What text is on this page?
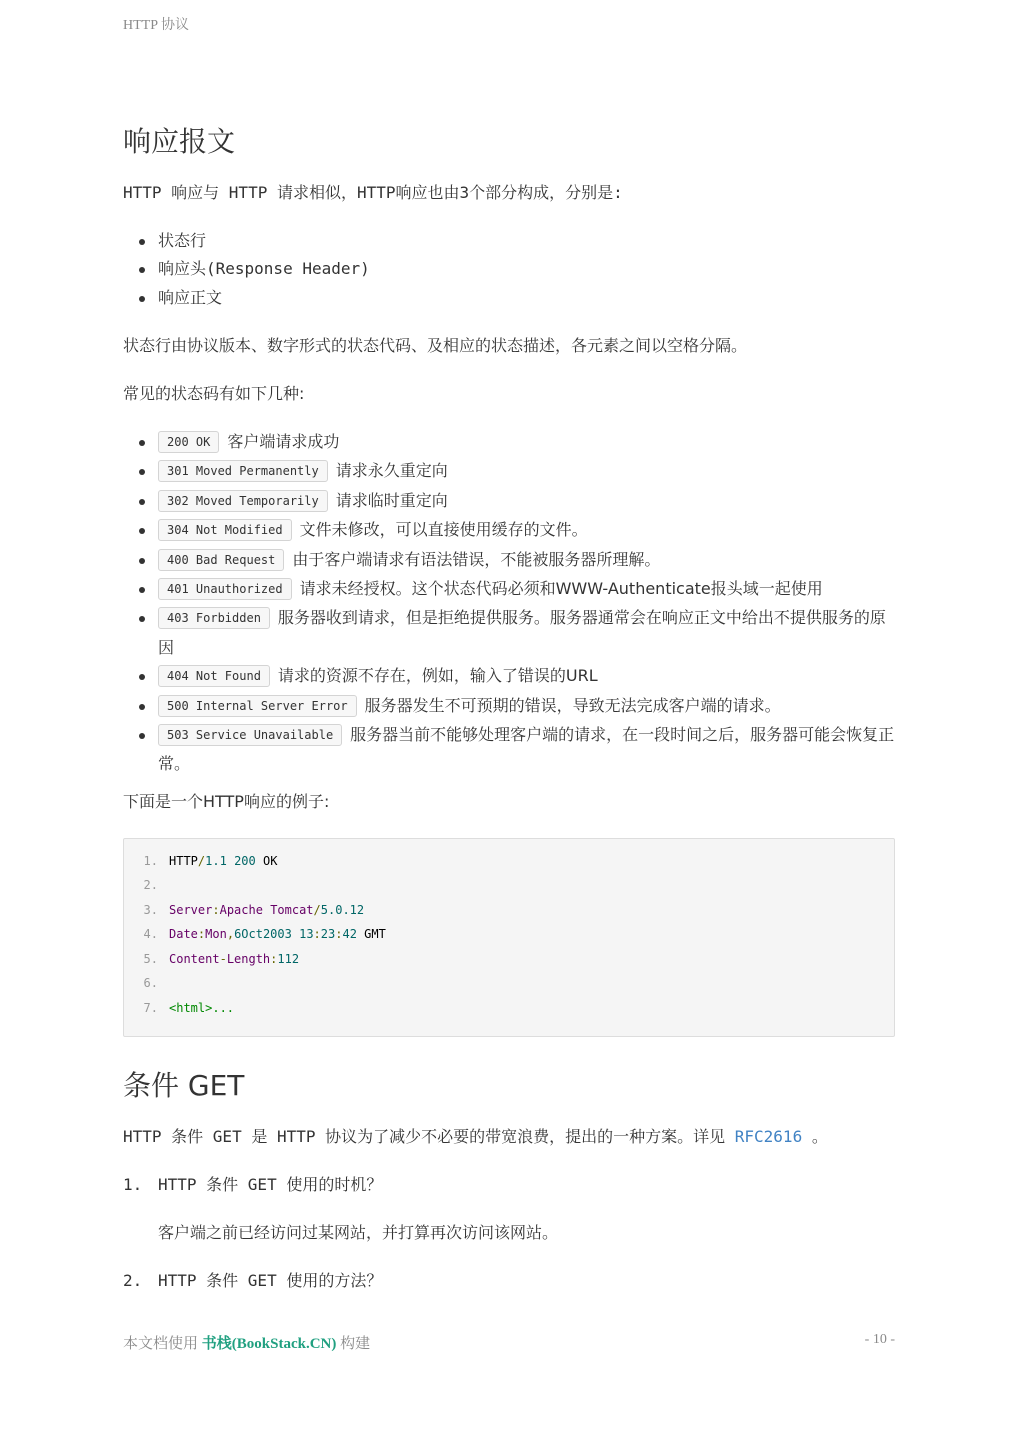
HTTP 协议
响应报文

HTTP 响应与 HTTP 请求相似，HTTP响应也由3个部分构成，分别是:

状态行
响应头(Response Header)
响应正文

状态行由协议版本、数字形式的状态代码、及相应的状态描述，各元素之间以空格分隔。

常见的状态码有如下几种:

200 OK 客户端请求成功
301 Moved Permanently 请求永久重定向
302 Moved Temporarily 请求临时重定向
304 Not Modified 文件未修改，可以直接使用缓存的文件。
400 Bad Request 由于客户端请求有语法错误，不能被服务器所理解。
401 Unauthorized 请求未经授权。这个状态代码必须和WWW-Authenticate报头域一起使用
403 Forbidden 服务器收到请求，但是拒绝提供服务。服务器通常会在响应正文中给出不提供服务的原因
404 Not Found 请求的资源不存在，例如，输入了错误的URL
500 Internal Server Error 服务器发生不可预期的错误，导致无法完成客户端的请求。
503 Service Unavailable 服务器当前不能够处理客户端的请求，在一段时间之后，服务器可能会恢复正常。

下面是一个HTTP响应的例子:

1. HTTP/1.1 200 OK
2.
3. Server:Apache Tomcat/5.0.12
4. Date:Mon,6Oct2003 13:23:42 GMT
5. Content-Length:112
6.
7. <html>...
条件 GET

HTTP 条件 GET 是 HTTP 协议为了减少不必要的带宽浪费，提出的一种方案。详见 RFC2616 。

1. HTTP 条件 GET 使用的时机？

客户端之前已经访问过某网站，并打算再次访问该网站。

2. HTTP 条件 GET 使用的方法？

本文档使用 书栈(BookStack.CN) 构建	- 10 -
